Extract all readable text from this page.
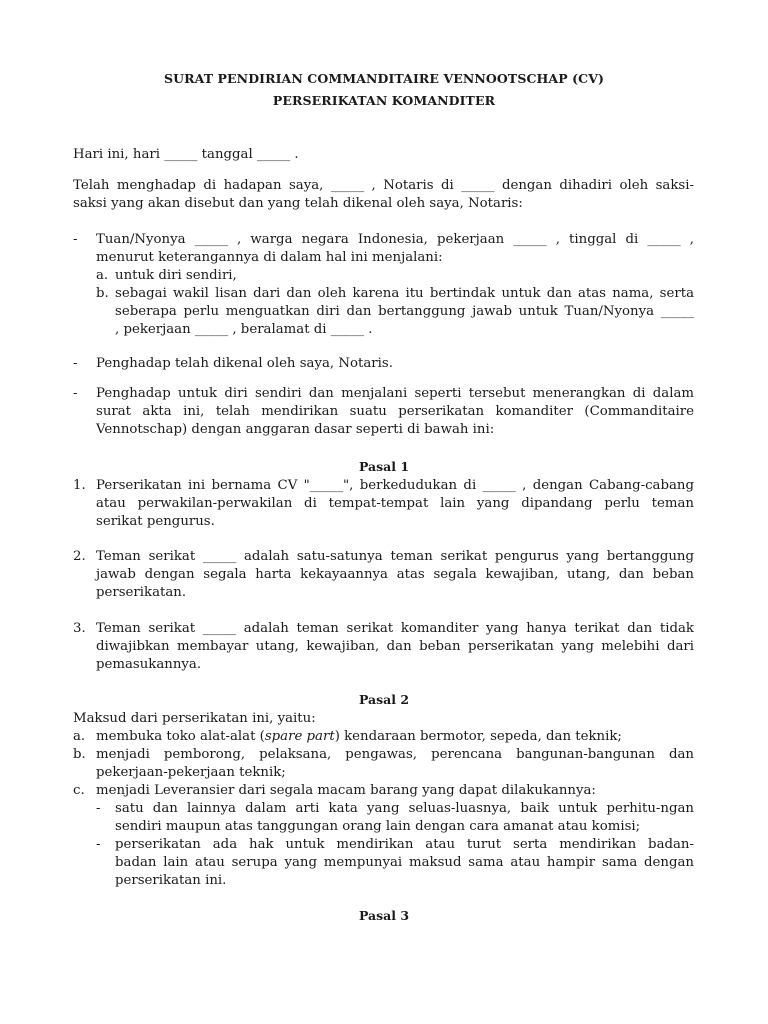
SURAT PENDIRIAN COMMANDITAIRE VENNOOTSCHAP (CV)
PERSERIKATAN KOMANDITER
Hari ini, hari _____ tanggal _____ .
Telah menghadap di hadapan saya, _____ , Notaris di _____ dengan dihadiri oleh saksi-
saksi yang akan disebut dan yang telah dikenal oleh saya, Notaris:
- Tuan/Nyonya _____ , warga negara Indonesia, pekerjaan _____ , tinggal di _____ ,
menurut keterangannya di dalam hal ini menjalani:
a. untuk diri sendiri,
b. sebagai wakil lisan dari dan oleh karena itu bertindak untuk dan atas nama, serta
seberapa perlu menguatkan diri dan bertanggung jawab untuk Tuan/Nyonya _____
, pekerjaan _____ , beralamat di _____ .
- Penghadap telah dikenal oleh saya, Notaris.
- Penghadap untuk diri sendiri dan menjalani seperti tersebut menerangkan di dalam
surat akta ini, telah mendirikan suatu perserikatan komanditer (Commanditaire
Vennotschap) dengan anggaran dasar seperti di bawah ini:
Pasal 1
1. Perserikatan ini bernama CV "_____", berkedudukan di _____ , dengan Cabang-cabang
atau perwakilan-perwakilan di tempat-tempat lain yang dipandang perlu teman
serikat pengurus.
2. Teman serikat _____ adalah satu-satunya teman serikat pengurus yang bertanggung
jawab dengan segala harta kekayaannya atas segala kewajiban, utang, dan beban
perserikatan.
3. Teman serikat _____ adalah teman serikat komanditer yang hanya terikat dan tidak
diwajibkan membayar utang, kewajiban, dan beban perserikatan yang melebihi dari
pemasukannya.
Pasal 2
Maksud dari perserikatan ini, yaitu:
a. membuka toko alat-alat (spare part) kendaraan bermotor, sepeda, dan teknik;
b. menjadi pemborong, pelaksana, pengawas, perencana bangunan-bangunan dan
pekerjaan-pekerjaan teknik;
c. menjadi Leveransier dari segala macam barang yang dapat dilakukannya:
- satu dan lainnya dalam arti kata yang seluas-luasnya, baik untuk perhitu-ngan
sendiri maupun atas tanggungan orang lain dengan cara amanat atau komisi;
- perserikatan ada hak untuk mendirikan atau turut serta mendirikan badan-
badan lain atau serupa yang mempunyai maksud sama atau hampir sama dengan
perserikatan ini.
Pasal 3
